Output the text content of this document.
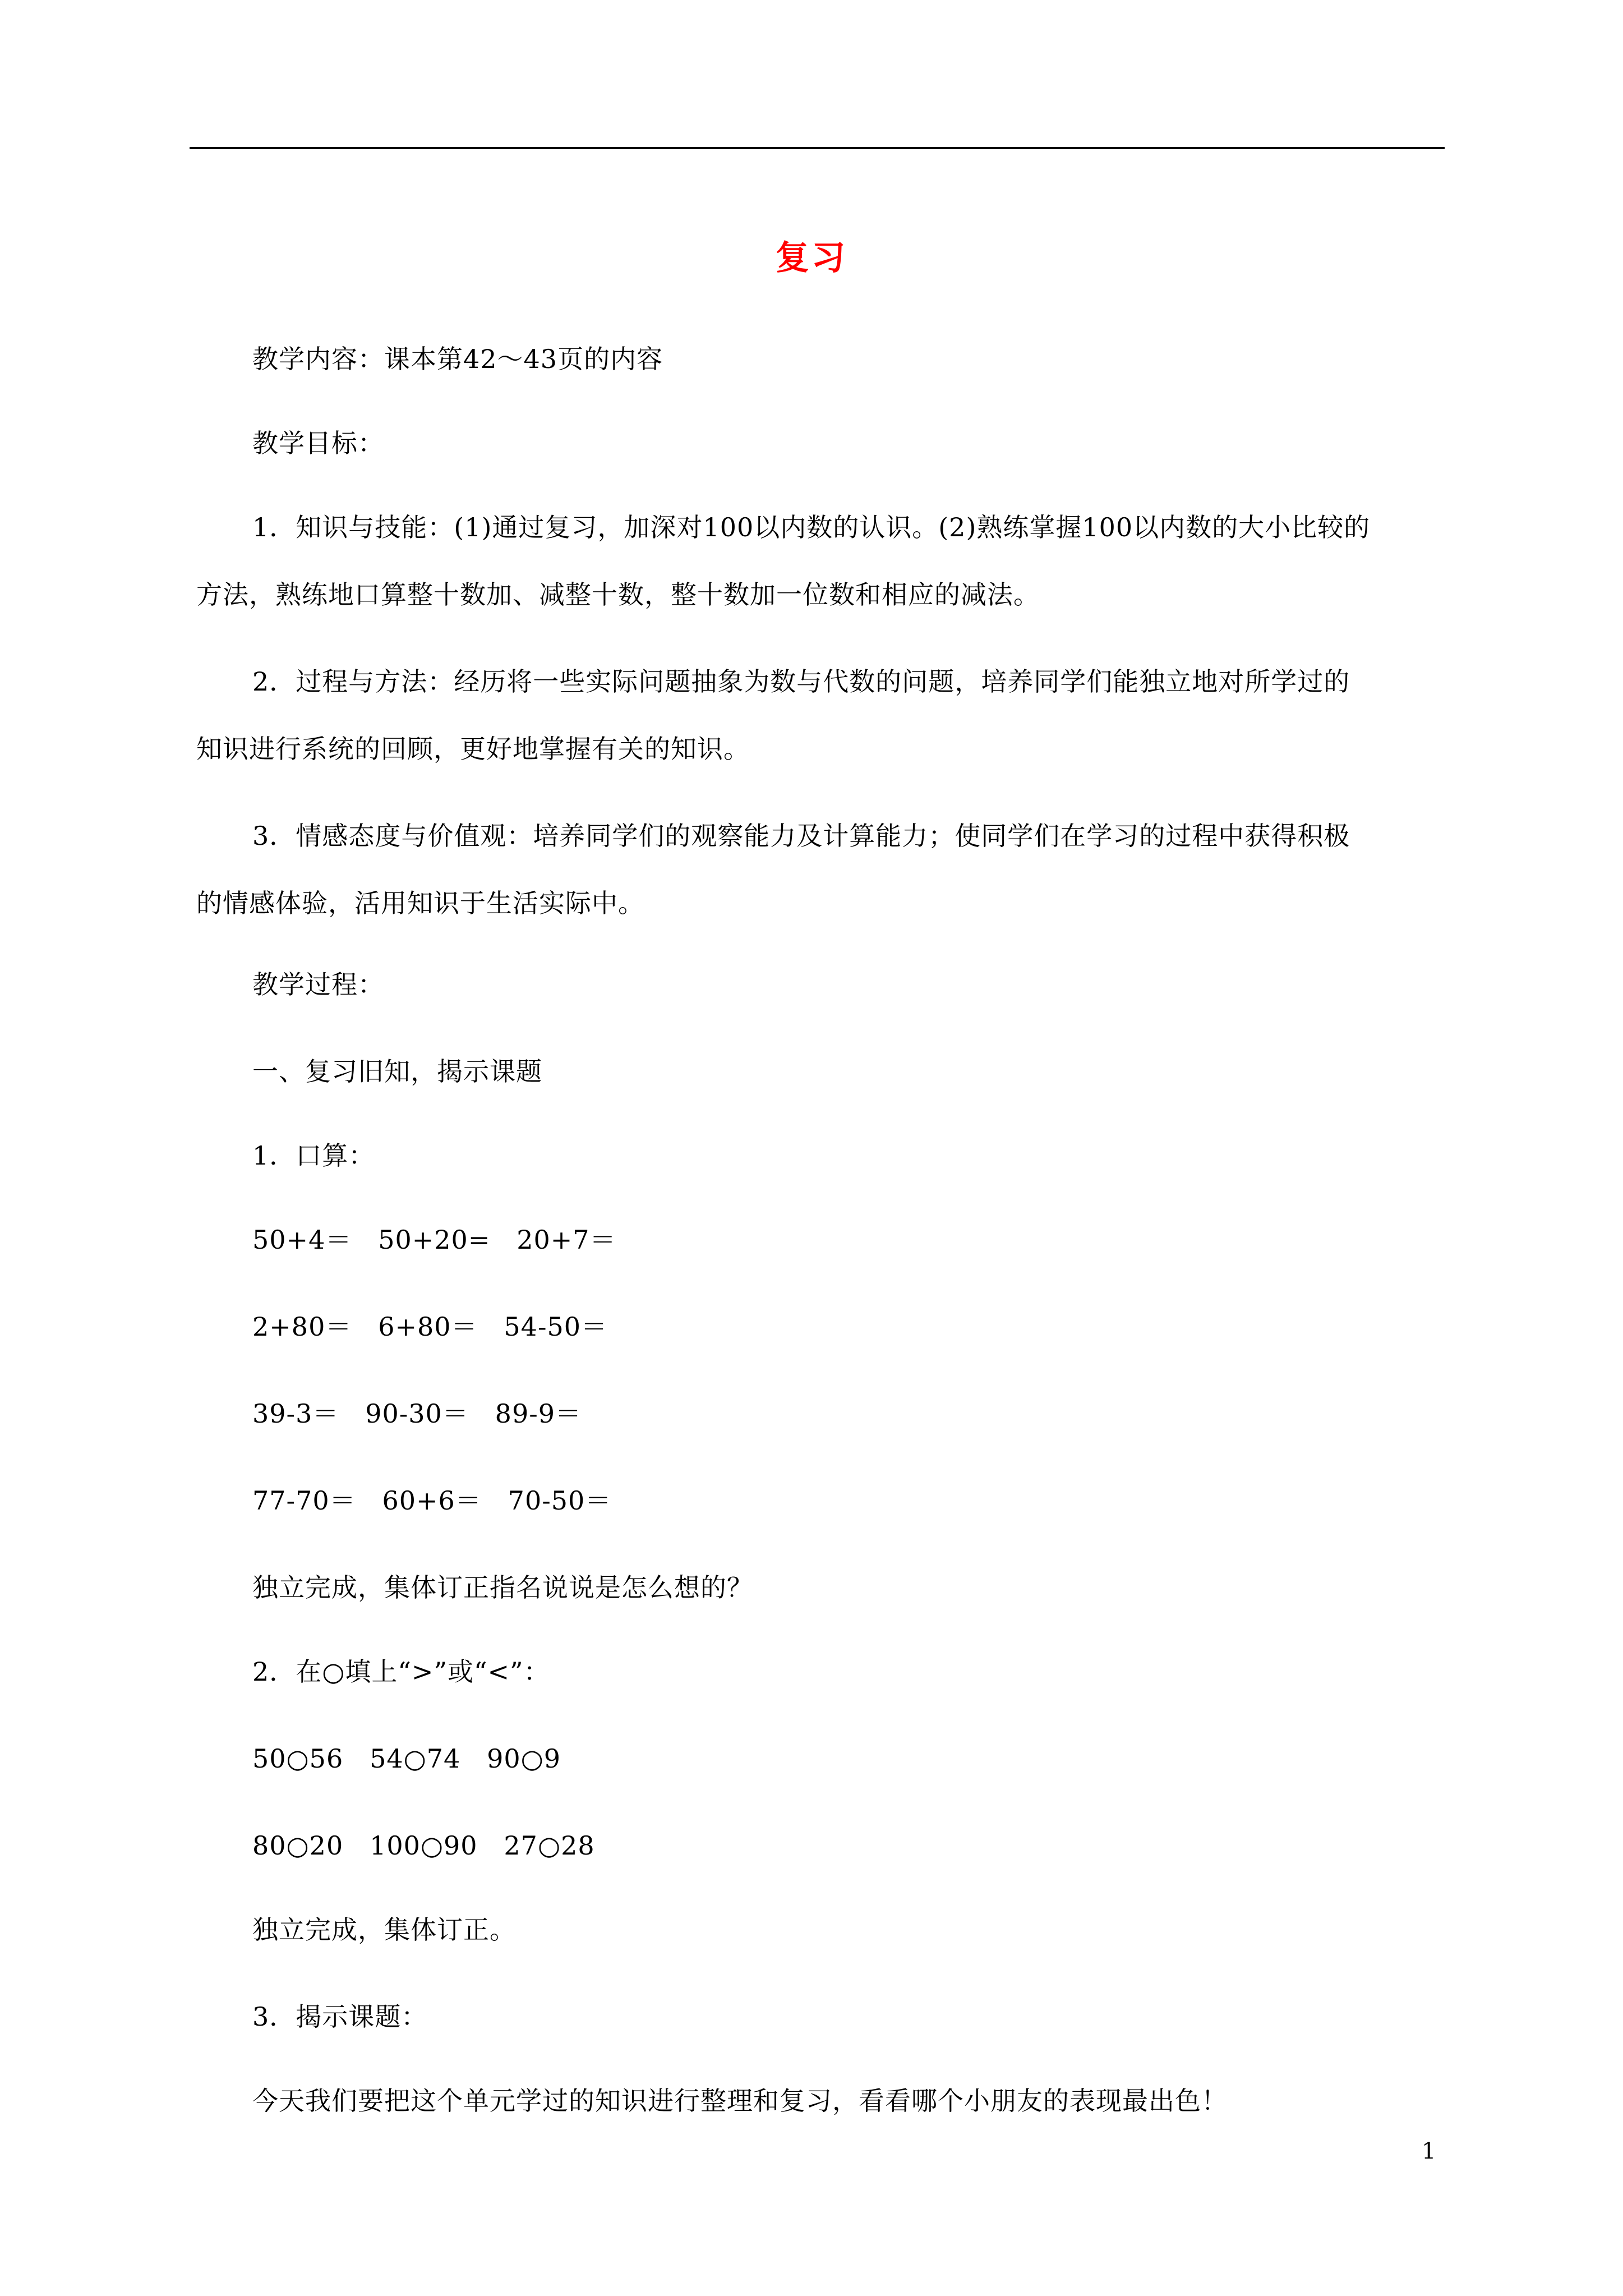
复习
教学内容：课本第42～43页的内容
教学目标：
1．知识与技能：(1)通过复习，加深对100以内数的认识。(2)熟练掌握100以内数的大小比较的
方法，熟练地口算整十数加、减整十数，整十数加一位数和相应的减法。
2．过程与方法：经历将一些实际问题抽象为数与代数的问题，培养同学们能独立地对所学过的
知识进行系统的回顾，更好地掌握有关的知识。
3．情感态度与价值观：培养同学们的观察能力及计算能力；使同学们在学习的过程中获得积极
的情感体验，活用知识于生活实际中。
教学过程：
一、复习旧知，揭示课题
1．口算：
50+4＝   50+20=   20+7＝
2+80＝   6+80＝   54-50＝
39-3＝   90-30＝   89-9＝
77-70＝   60+6＝   70-50＝
独立完成，集体订正指名说说是怎么想的？
2．在○填上“>”或“<”：
50○56   54○74   90○9
80○20   100○90   27○28
独立完成，集体订正。
3．揭示课题：
今天我们要把这个单元学过的知识进行整理和复习，看看哪个小朋友的表现最出色！
1
